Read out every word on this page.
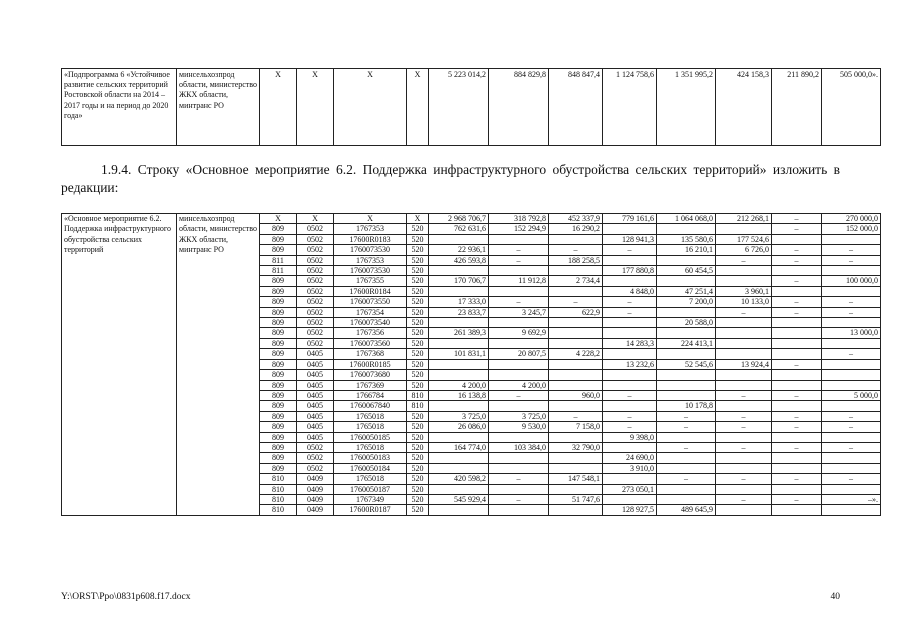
«Подпрограмма 6 «Устойчивое развитие сельских территорий Ростовской области на 2014 – 2017 годы и на период до 2020 года»	минсельхозпрод области, министерство ЖКХ области, минтранс РО	Х	Х	Х	Х	5 223 014,2	884 829,8	848 847,4	1 124 758,6	1 351 995,2	424 158,3	211 890,2	505 000,0».
1.9.4. Строку «Основное мероприятие 6.2. Поддержка инфраструктурного обустройства сельских территорий» изложить в редакции:
«Основное мероприятие 6.2. Поддержка инфраструктурного обустройства сельских территорий	минсельхозпрод области, министерство ЖКХ области, минтранс РО	Х	Х	Х	Х	2 968 706,7	318 792,8	452 337,9	779 161,6	1 064 068,0	212 268,1	–	270 000,0
		809	0502	1767353	520	762 631,6	152 294,9	16 290,2				–	152 000,0
		809	0502	17600R0183	520				128 941,3	135 580,6	177 524,6		
		809	0502	1760073530	520	22 936,1	–	–	–	16 210,1	6 726,0	–	–
		811	0502	1767353	520	426 593,8	–	188 258,5			–	–	–
		811	0502	1760073530	520				177 880,8	60 454,5			
		809	0502	1767355	520	170 706,7	11 912,8	2 734,4				–	100 000,0
		809	0502	17600R0184	520				4 848,0	47 251,4	3 960,1		
		809	0502	1760073550	520	17 333,0	–	–	–	7 200,0	10 133,0	–	–
		809	0502	1767354	520	23 833,7	3 245,7	622,9	–		–	–	–
		809	0502	1760073540	520					20 588,0			
		809	0502	1767356	520	261 389,3	9 692,9						13 000,0
		809	0502	1760073560	520				14 283,3	224 413,1			
		809	0405	1767368	520	101 831,1	20 807,5	4 228,2					–
		809	0405	17600R0185	520				13 232,6	52 545,6	13 924,4	–	
		809	0405	1760073680	520								
		809	0405	1767369	520	4 200,0	4 200,0						
		809	0405	1766784	810	16 138,8	–	960,0	–		–	–	5 000,0
		809	0405	1760067840	810					10 178,8			
		809	0405	1765018	520	3 725,0	3 725,0	–	–	–	–	–	–
		809	0405	1765018	520	26 086,0	9 530,0	7 158,0	–	–	–	–	–
		809	0405	1760050185	520				9 398,0				
		809	0502	1765018	520	164 774,0	103 384,0	32 790,0		–	–	–	–
		809	0502	1760050183	520				24 690,0				
		809	0502	1760050184	520				3 910,0				
		810	0409	1765018	520	420 598,2	–	147 548,1		–	–	–	–
		810	0409	1760050187	520				273 050,1				
		810	0409	1767349	520	545 929,4	–	51 747,6			–	–	–».
		810	0409	17600R0187	520				128 927,5	489 645,9			
Y:\ORST\Ppo\0831p608.f17.docx	40
